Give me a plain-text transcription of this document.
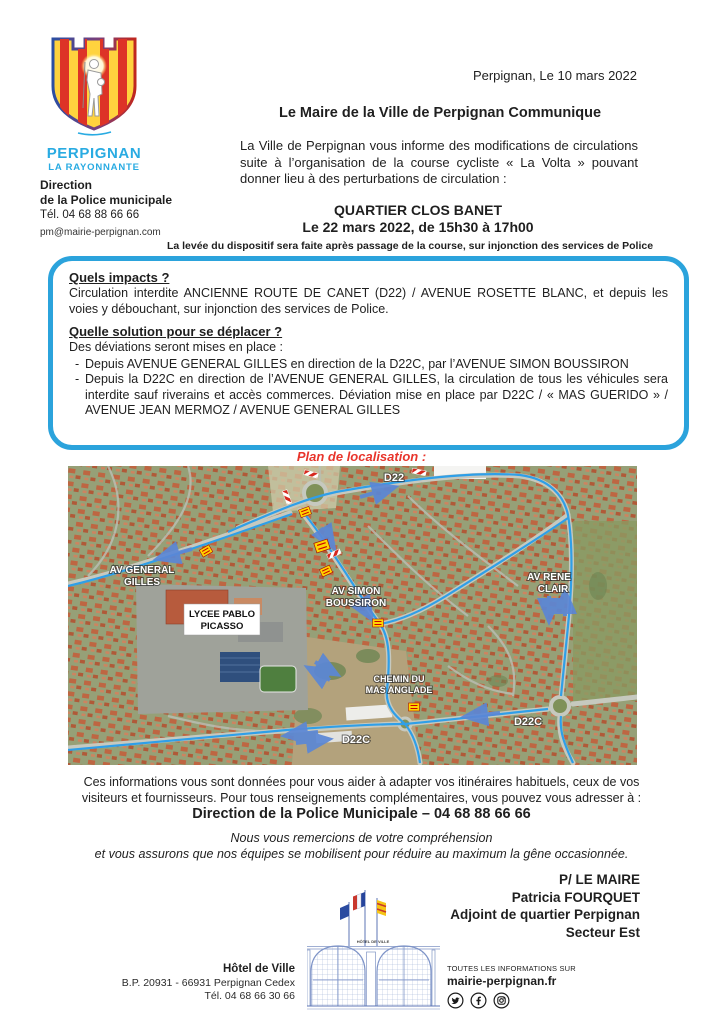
PERPIGNAN
LA RAYONNANTE
Direction
de la Police municipale
Tél. 04 68 88 66 66
pm@mairie-perpignan.com
Perpignan, Le 10 mars 2022
Le Maire de la Ville de Perpignan Communique
La Ville de Perpignan vous informe des modifications de circulations suite à l’organisation de la course cycliste « La Volta » pouvant donner lieu à des perturbations de circulation :
QUARTIER CLOS BANET
Le 22 mars 2022, de 15h30 à 17h00
La levée du dispositif sera faite après passage de la course, sur injonction des services de Police
Quels impacts ?

Circulation interdite ANCIENNE ROUTE DE CANET (D22) / AVENUE ROSETTE BLANC, et depuis les voies y débouchant, sur injonction des services de Police.

Quelle solution pour se déplacer ?

Des déviations seront mises en place :

- Depuis AVENUE GENERAL GILLES en direction de la D22C, par l’AVENUE SIMON BOUSSIRON
- Depuis la D22C en direction de l’AVENUE GENERAL GILLES, la circulation de tous les véhicules sera interdite sauf riverains et accès commerces. Déviation mise en place par D22C / « MAS GUERIDO » / AVENUE JEAN MERMOZ / AVENUE GENERAL GILLES
Plan de localisation :
LYCEE PABLO
PICASSO
D22
AV GENERAL
GILLES
AV SIMON
BOUSSIRON
AV RENE
CLAIR
CHEMIN DU
MAS ANGLADE
D22C
D22C
Ces informations vous sont données pour vous aider à adapter vos itinéraires habituels, ceux de vos visiteurs et fournisseurs. Pour tous renseignements complémentaires, vous pouvez vous adresser à :
Direction de la Police Municipale – 04 68 88 66 66
Nous vous remercions de votre compréhension
et vous assurons que nos équipes se mobilisent pour réduire au maximum la gêne occasionnée.
P/ LE MAIRE
Patricia FOURQUET
Adjoint de quartier Perpignan
Secteur Est
HÔTEL DE VILLE
Hôtel de Ville
B.P. 20931 - 66931 Perpignan Cedex
Tél. 04 68 66 30 66
TOUTES LES INFORMATIONS SUR
mairie-perpignan.fr
